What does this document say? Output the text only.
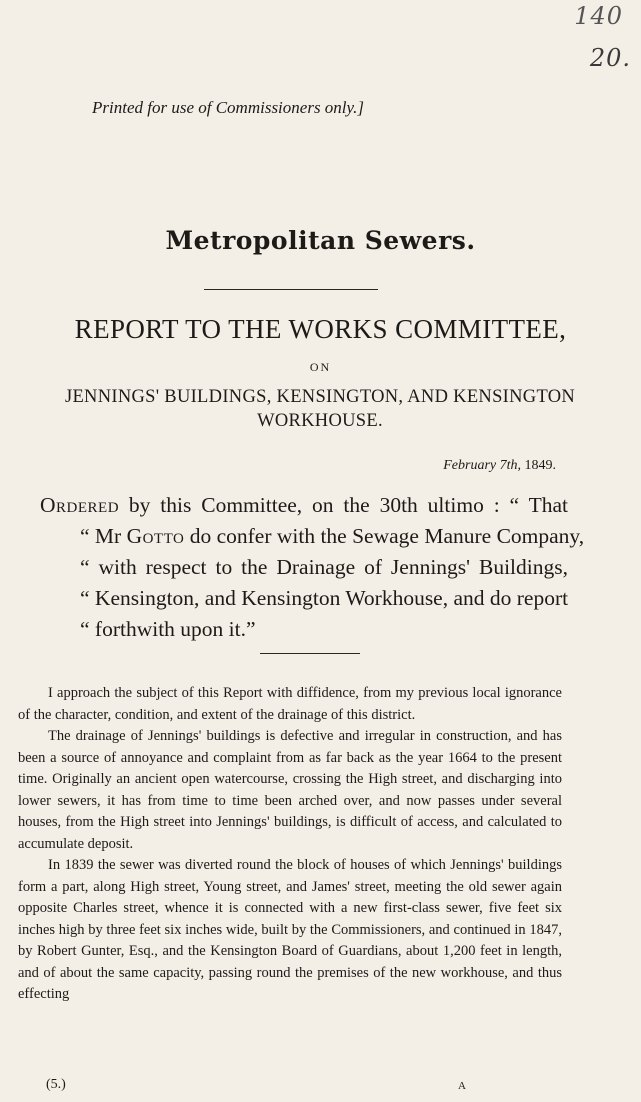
140
20.
Printed for use of Commissioners only.]
Metropolitan Sewers.
REPORT TO THE WORKS COMMITTEE,
ON
JENNINGS' BUILDINGS, KENSINGTON, AND KENSINGTON
WORKHOUSE.
February 7th, 1849.
Ordered by this Committee, on the 30th ultimo : “ That
“ Mr Gotto do confer with the Sewage Manure Company,
“ with respect to the Drainage of Jennings' Buildings,
“ Kensington, and Kensington Workhouse, and do report
“ forthwith upon it.”

I approach the subject of this Report with diffidence, from my previous local ignorance of the character, condition, and extent of the drainage of this district.

The drainage of Jennings' buildings is defective and irregular in construction, and has been a source of annoyance and complaint from as far back as the year 1664 to the present time. Originally an ancient open watercourse, crossing the High street, and discharging into lower sewers, it has from time to time been arched over, and now passes under several houses, from the High street into Jennings' buildings, is difficult of access, and calculated to accumulate deposit.

In 1839 the sewer was diverted round the block of houses of which Jennings' buildings form a part, along High street, Young street, and James' street, meeting the old sewer again opposite Charles street, whence it is connected with a new first-class sewer, five feet six inches high by three feet six inches wide, built by the Commissioners, and continued in 1847, by Robert Gunter, Esq., and the Kensington Board of Guardians, about 1,200 feet in length, and of about the same capacity, passing round the premises of the new workhouse, and thus effecting

(5.)	A
